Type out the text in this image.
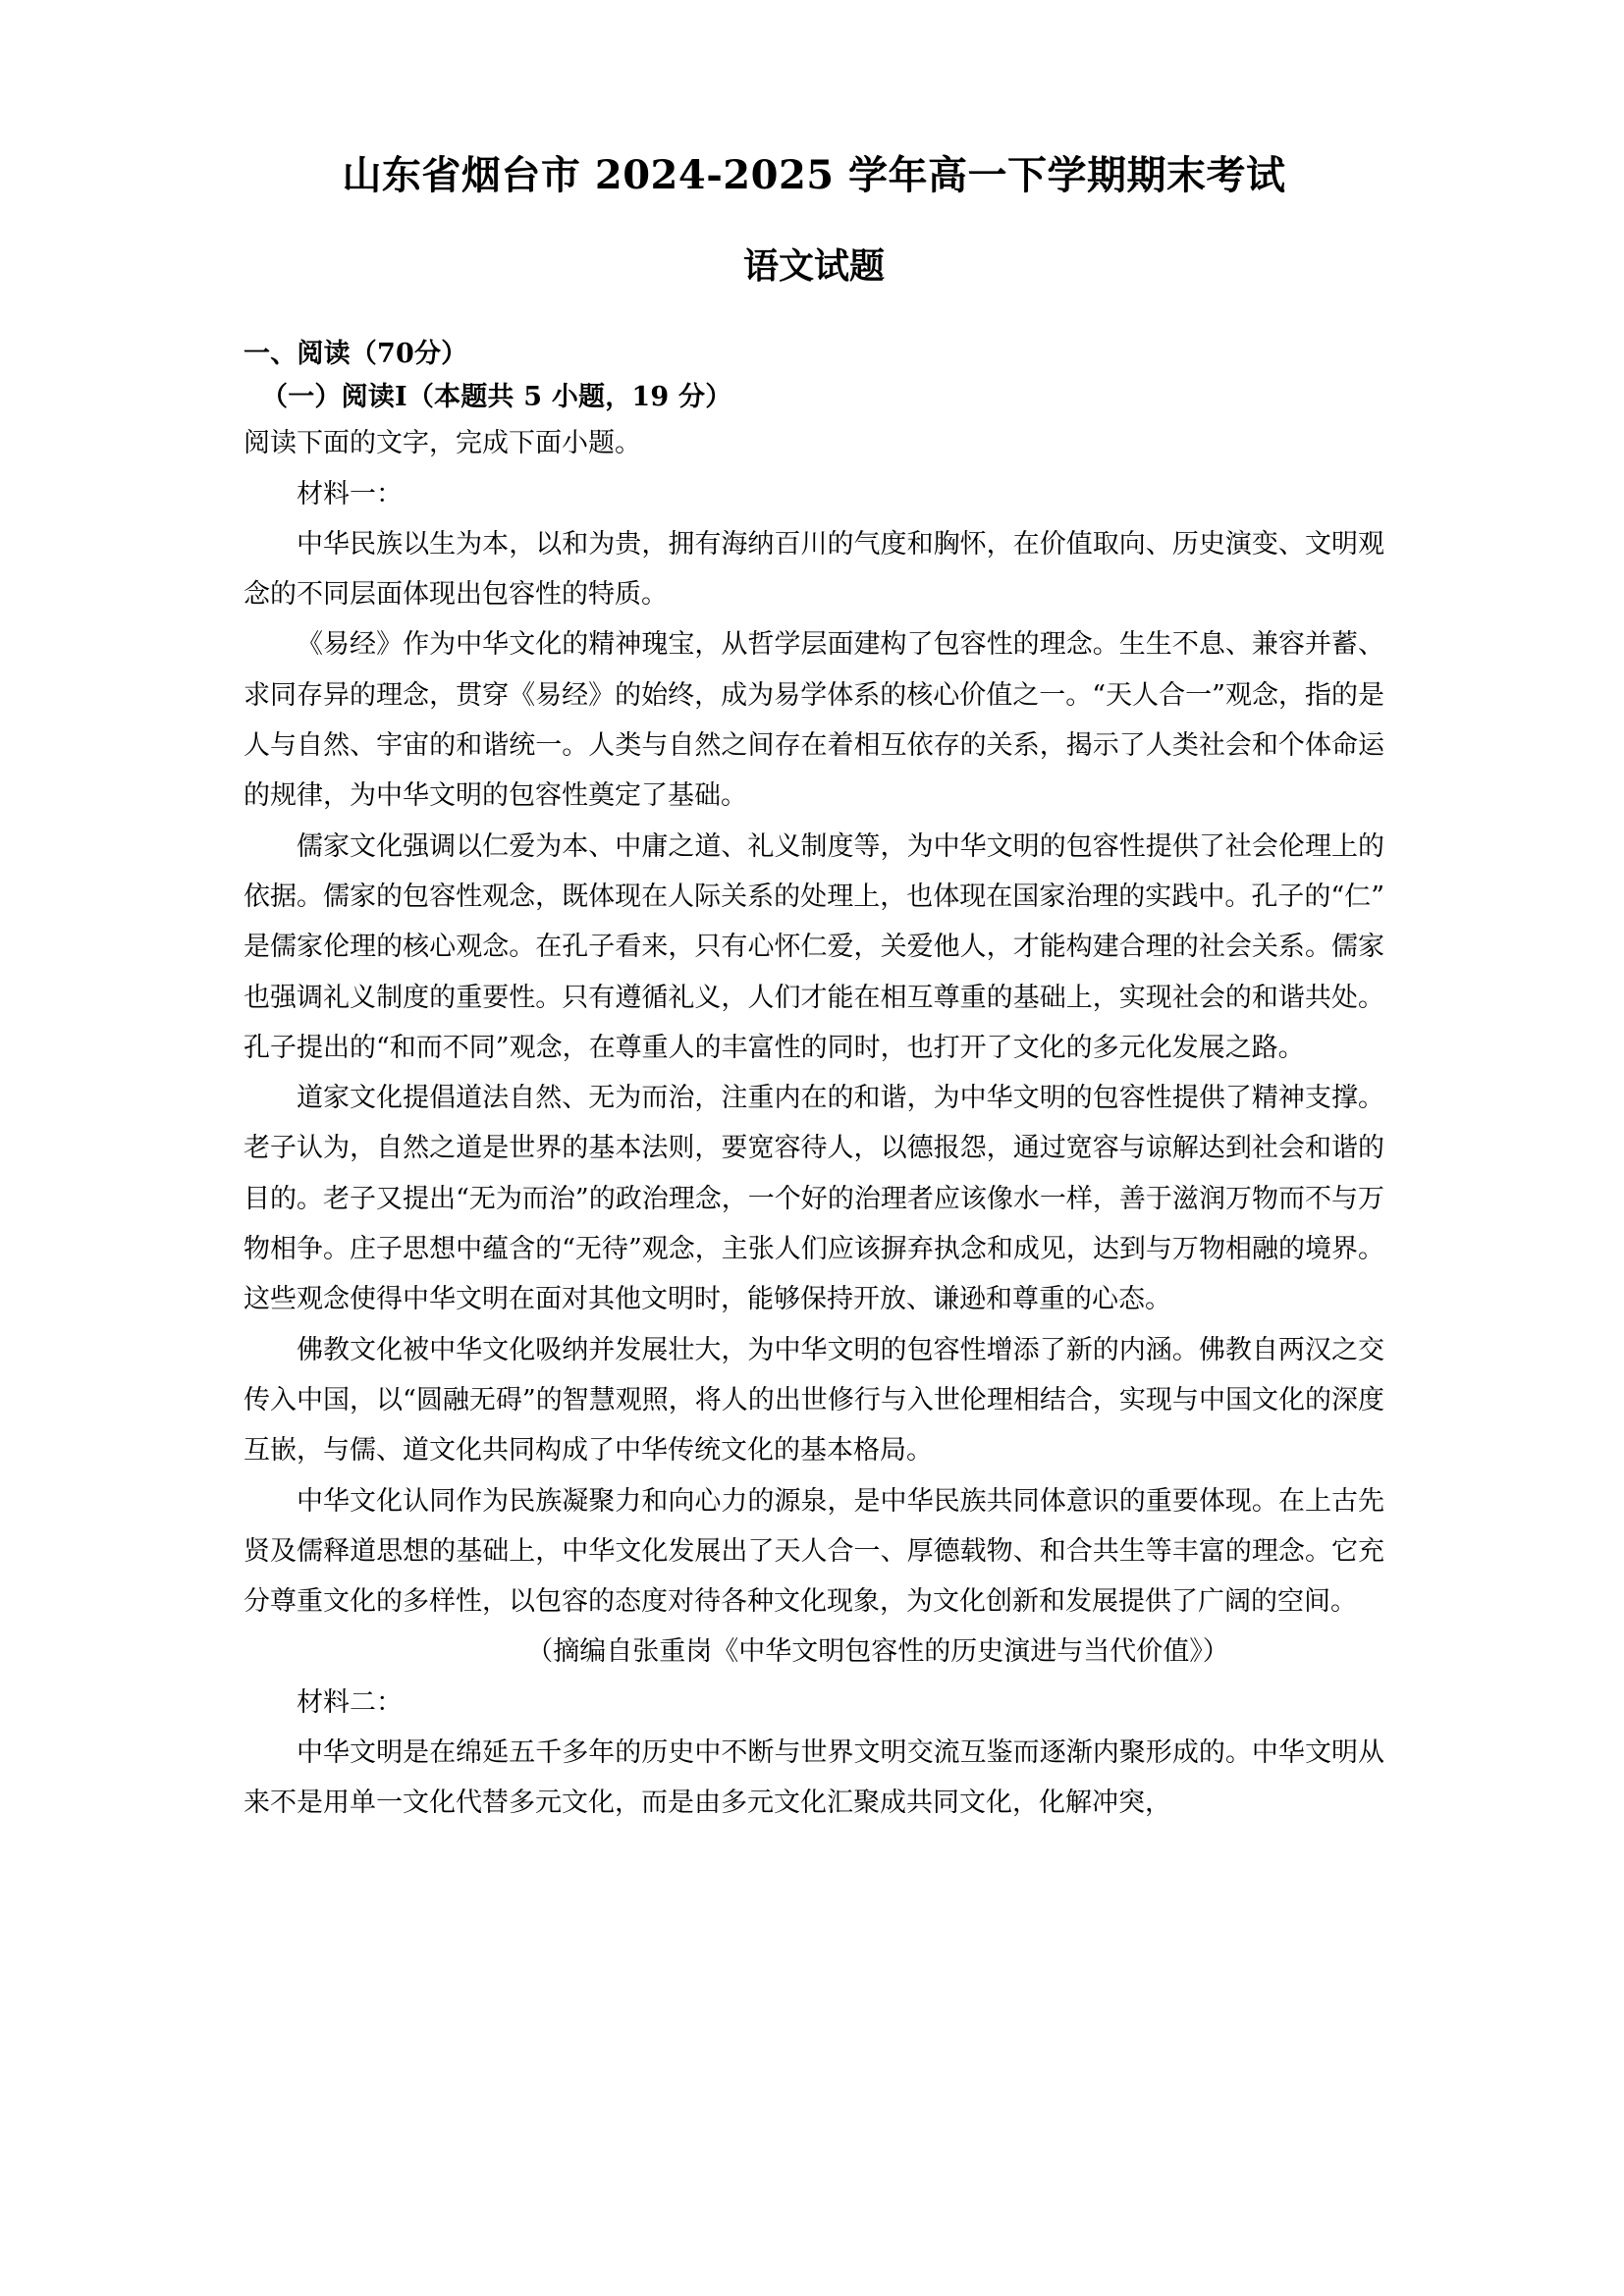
山东省烟台市 2024-2025 学年高一下学期期末考试
语文试题

一、阅读（70分）

（一）阅读Ⅰ（本题共 5 小题，19 分）

阅读下面的文字，完成下面小题。

材料一：

中华民族以生为本，以和为贵，拥有海纳百川的气度和胸怀，在价值取向、历史演变、文明观念的不同层面体现出包容性的特质。

《易经》作为中华文化的精神瑰宝，从哲学层面建构了包容性的理念。生生不息、兼容并蓄、求同存异的理念，贯穿《易经》的始终，成为易学体系的核心价值之一。“天人合一”观念，指的是人与自然、宇宙的和谐统一。人类与自然之间存在着相互依存的关系，揭示了人类社会和个体命运的规律，为中华文明的包容性奠定了基础。

儒家文化强调以仁爱为本、中庸之道、礼义制度等，为中华文明的包容性提供了社会伦理上的依据。儒家的包容性观念，既体现在人际关系的处理上，也体现在国家治理的实践中。孔子的“仁”是儒家伦理的核心观念。在孔子看来，只有心怀仁爱，关爱他人，才能构建合理的社会关系。儒家也强调礼义制度的重要性。只有遵循礼义，人们才能在相互尊重的基础上，实现社会的和谐共处。孔子提出的“和而不同”观念，在尊重人的丰富性的同时，也打开了文化的多元化发展之路。

道家文化提倡道法自然、无为而治，注重内在的和谐，为中华文明的包容性提供了精神支撑。老子认为，自然之道是世界的基本法则，要宽容待人，以德报怨，通过宽容与谅解达到社会和谐的目的。老子又提出“无为而治”的政治理念，一个好的治理者应该像水一样，善于滋润万物而不与万物相争。庄子思想中蕴含的“无待”观念，主张人们应该摒弃执念和成见，达到与万物相融的境界。这些观念使得中华文明在面对其他文明时，能够保持开放、谦逊和尊重的心态。

佛教文化被中华文化吸纳并发展壮大，为中华文明的包容性增添了新的内涵。佛教自两汉之交传入中国，以“圆融无碍”的智慧观照，将人的出世修行与入世伦理相结合，实现与中国文化的深度互嵌，与儒、道文化共同构成了中华传统文化的基本格局。

中华文化认同作为民族凝聚力和向心力的源泉，是中华民族共同体意识的重要体现。在上古先贤及儒释道思想的基础上，中华文化发展出了天人合一、厚德载物、和合共生等丰富的理念。它充分尊重文化的多样性，以包容的态度对待各种文化现象，为文化创新和发展提供了广阔的空间。

（摘编自张重岗《中华文明包容性的历史演进与当代价值》）

材料二：

中华文明是在绵延五千多年的历史中不断与世界文明交流互鉴而逐渐内聚形成的。中华文明从来不是用单一文化代替多元文化，而是由多元文化汇聚成共同文化，化解冲突，
